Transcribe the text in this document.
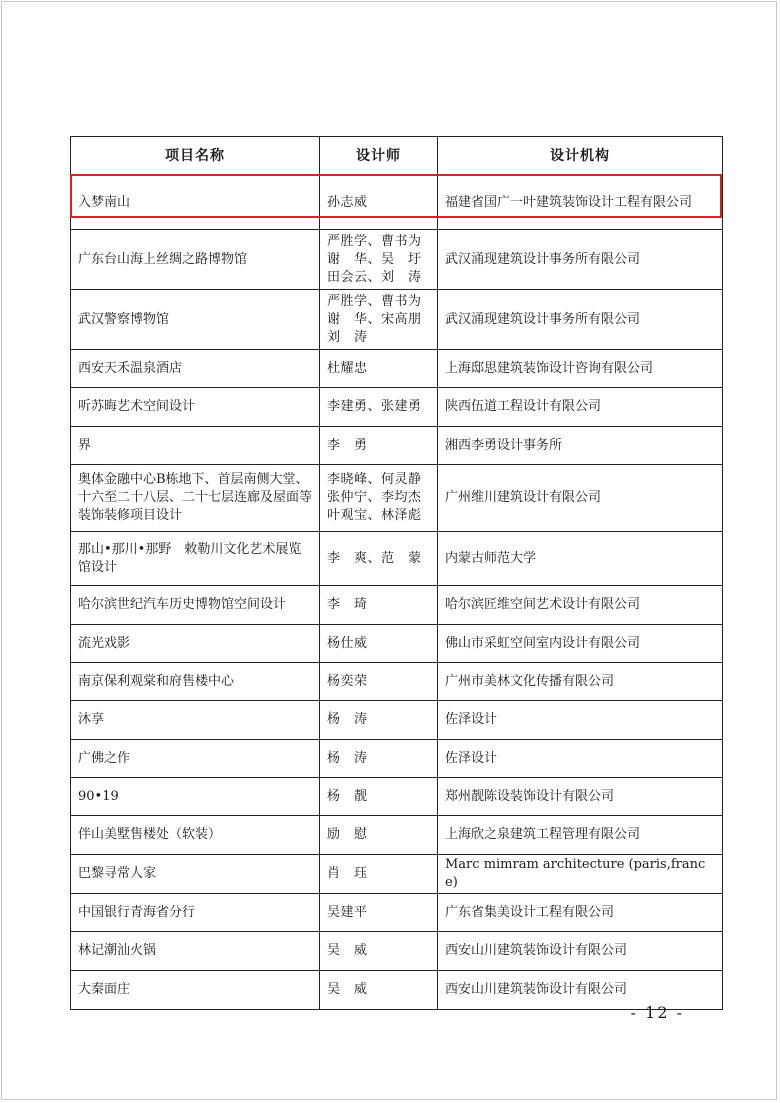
项目名称	设计师	设计机构
入梦南山	孙志威	福建省国广一叶建筑装饰设计工程有限公司
广东台山海上丝绸之路博物馆	严胜学、曹书为
谢　华、吴　圩
田会云、刘　涛	武汉涌现建筑设计事务所有限公司
武汉警察博物馆	严胜学、曹书为
谢　华、宋高朋
刘　涛	武汉涌现建筑设计事务所有限公司
西安天禾温泉酒店	杜耀忠	上海邸思建筑装饰设计咨询有限公司
听苏晦艺术空间设计	李建勇、张建勇	陕西伍道工程设计有限公司
界	李　勇	湘西李勇设计事务所
奥体金融中心B栋地下、首层南侧大堂、十六至二十八层、二十七层连廊及屋面等装饰装修项目设计	李晓峰、何灵静
张仲宁、李均杰
叶观宝、林泽彪	广州维川建筑设计有限公司
那山•那川•那野　敕勒川文化艺术展览馆设计	李　爽、范　蒙	内蒙古师范大学
哈尔滨世纪汽车历史博物馆空间设计	李　琦	哈尔滨匠维空间艺术设计有限公司
流光戏影	杨仕威	佛山市采虹空间室内设计有限公司
南京保利观棠和府售楼中心	杨奕荣	广州市美林文化传播有限公司
沐享	杨　涛	佐泽设计
广佛之作	杨　涛	佐泽设计
90•19	杨　靓	郑州靓陈设装饰设计有限公司
伴山美墅售楼处（软装）	励　慰	上海欣之泉建筑工程管理有限公司
巴黎寻常人家	肖　珏	Marc mimram architecture (paris,france)
中国银行青海省分行	吴建平	广东省集美设计工程有限公司
林记潮汕火锅	吴　威	西安山川建筑装饰设计有限公司
大秦面庄	吴　威	西安山川建筑装饰设计有限公司
- 12 -
